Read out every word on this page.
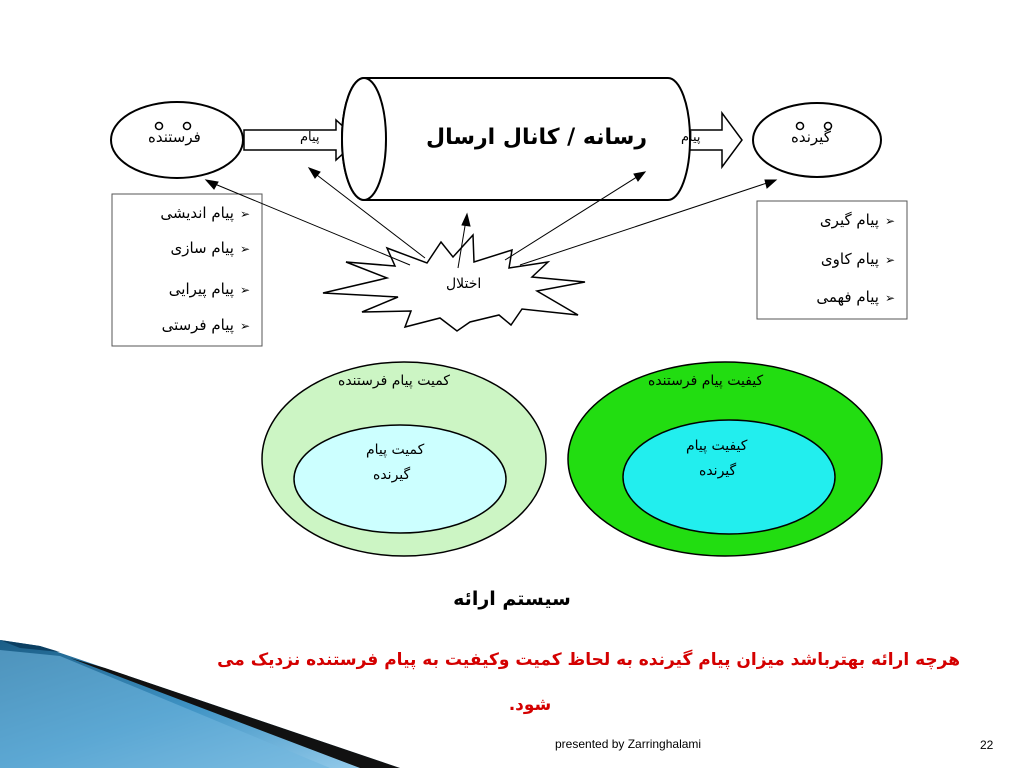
فرستنده	گیرنده
پیام	پیام
رسانه / کانال ارسال
اختلال
➢پیام اندیشی
➢پیام سازی
➢پیام پیرایی
➢پیام فرستی
➢پیام گیری
➢پیام کاوی
➢پیام فهمی
کمیت پیام فرستنده
کمیت پیام
گیرنده
کیفیت پیام فرستنده
کیفیت پیام
گیرنده
سیستم ارائه
هرچه ارائه بهترباشد میزان پیام گیرنده به لحاظ کمیت وکیفیت به پیام فرستنده نزدیک می
شود.
presented by Zarringhalami	22
